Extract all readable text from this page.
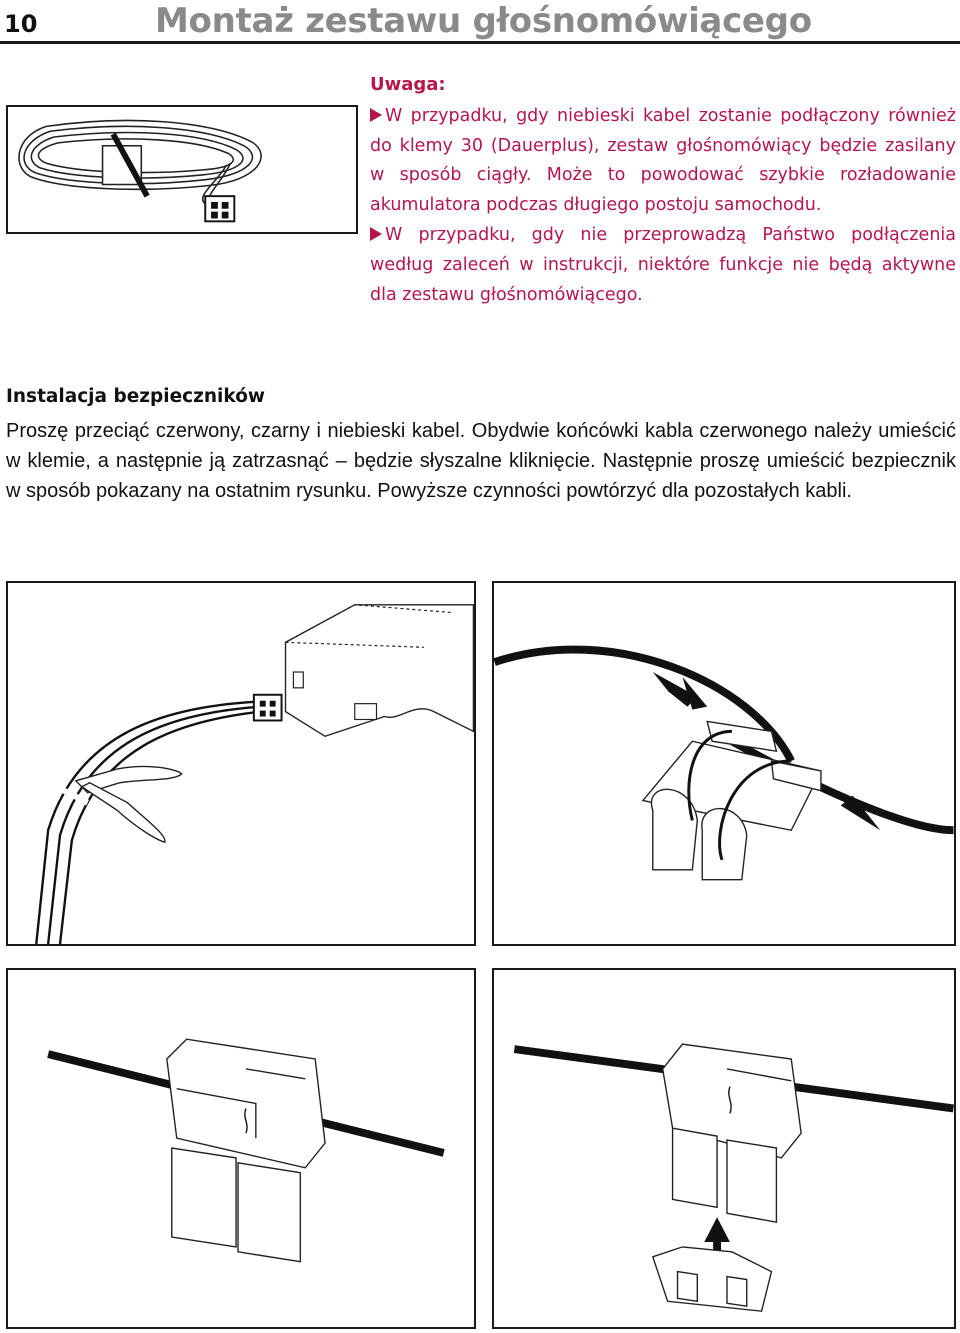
10	Montaż zestawu głośnomówiącego
Uwaga:

W przypadku, gdy niebieski kabel zostanie podłączony również do klemy 30 (Dauerplus), zestaw głośnomówiący będzie zasilany w sposób ciągły. Może to powodować szybkie rozładowanie akumulatora podczas długiego postoju samochodu.

W przypadku, gdy nie przeprowadzą Państwo podłączenia według zaleceń w instrukcji, niektóre funkcje nie będą aktywne dla zestawu głośnomówiącego.

Instalacja bezpieczników

Proszę przeciąć czerwony, czarny i niebieski kabel. Obydwie końcówki kabla czerwonego należy umieścić w klemie, a następnie ją zatrzasnąć – będzie słyszalne kliknięcie. Następnie proszę umieścić bezpiecznik w sposób pokazany na ostatnim rysunku. Powyższe czynności powtórzyć dla pozostałych kabli.
